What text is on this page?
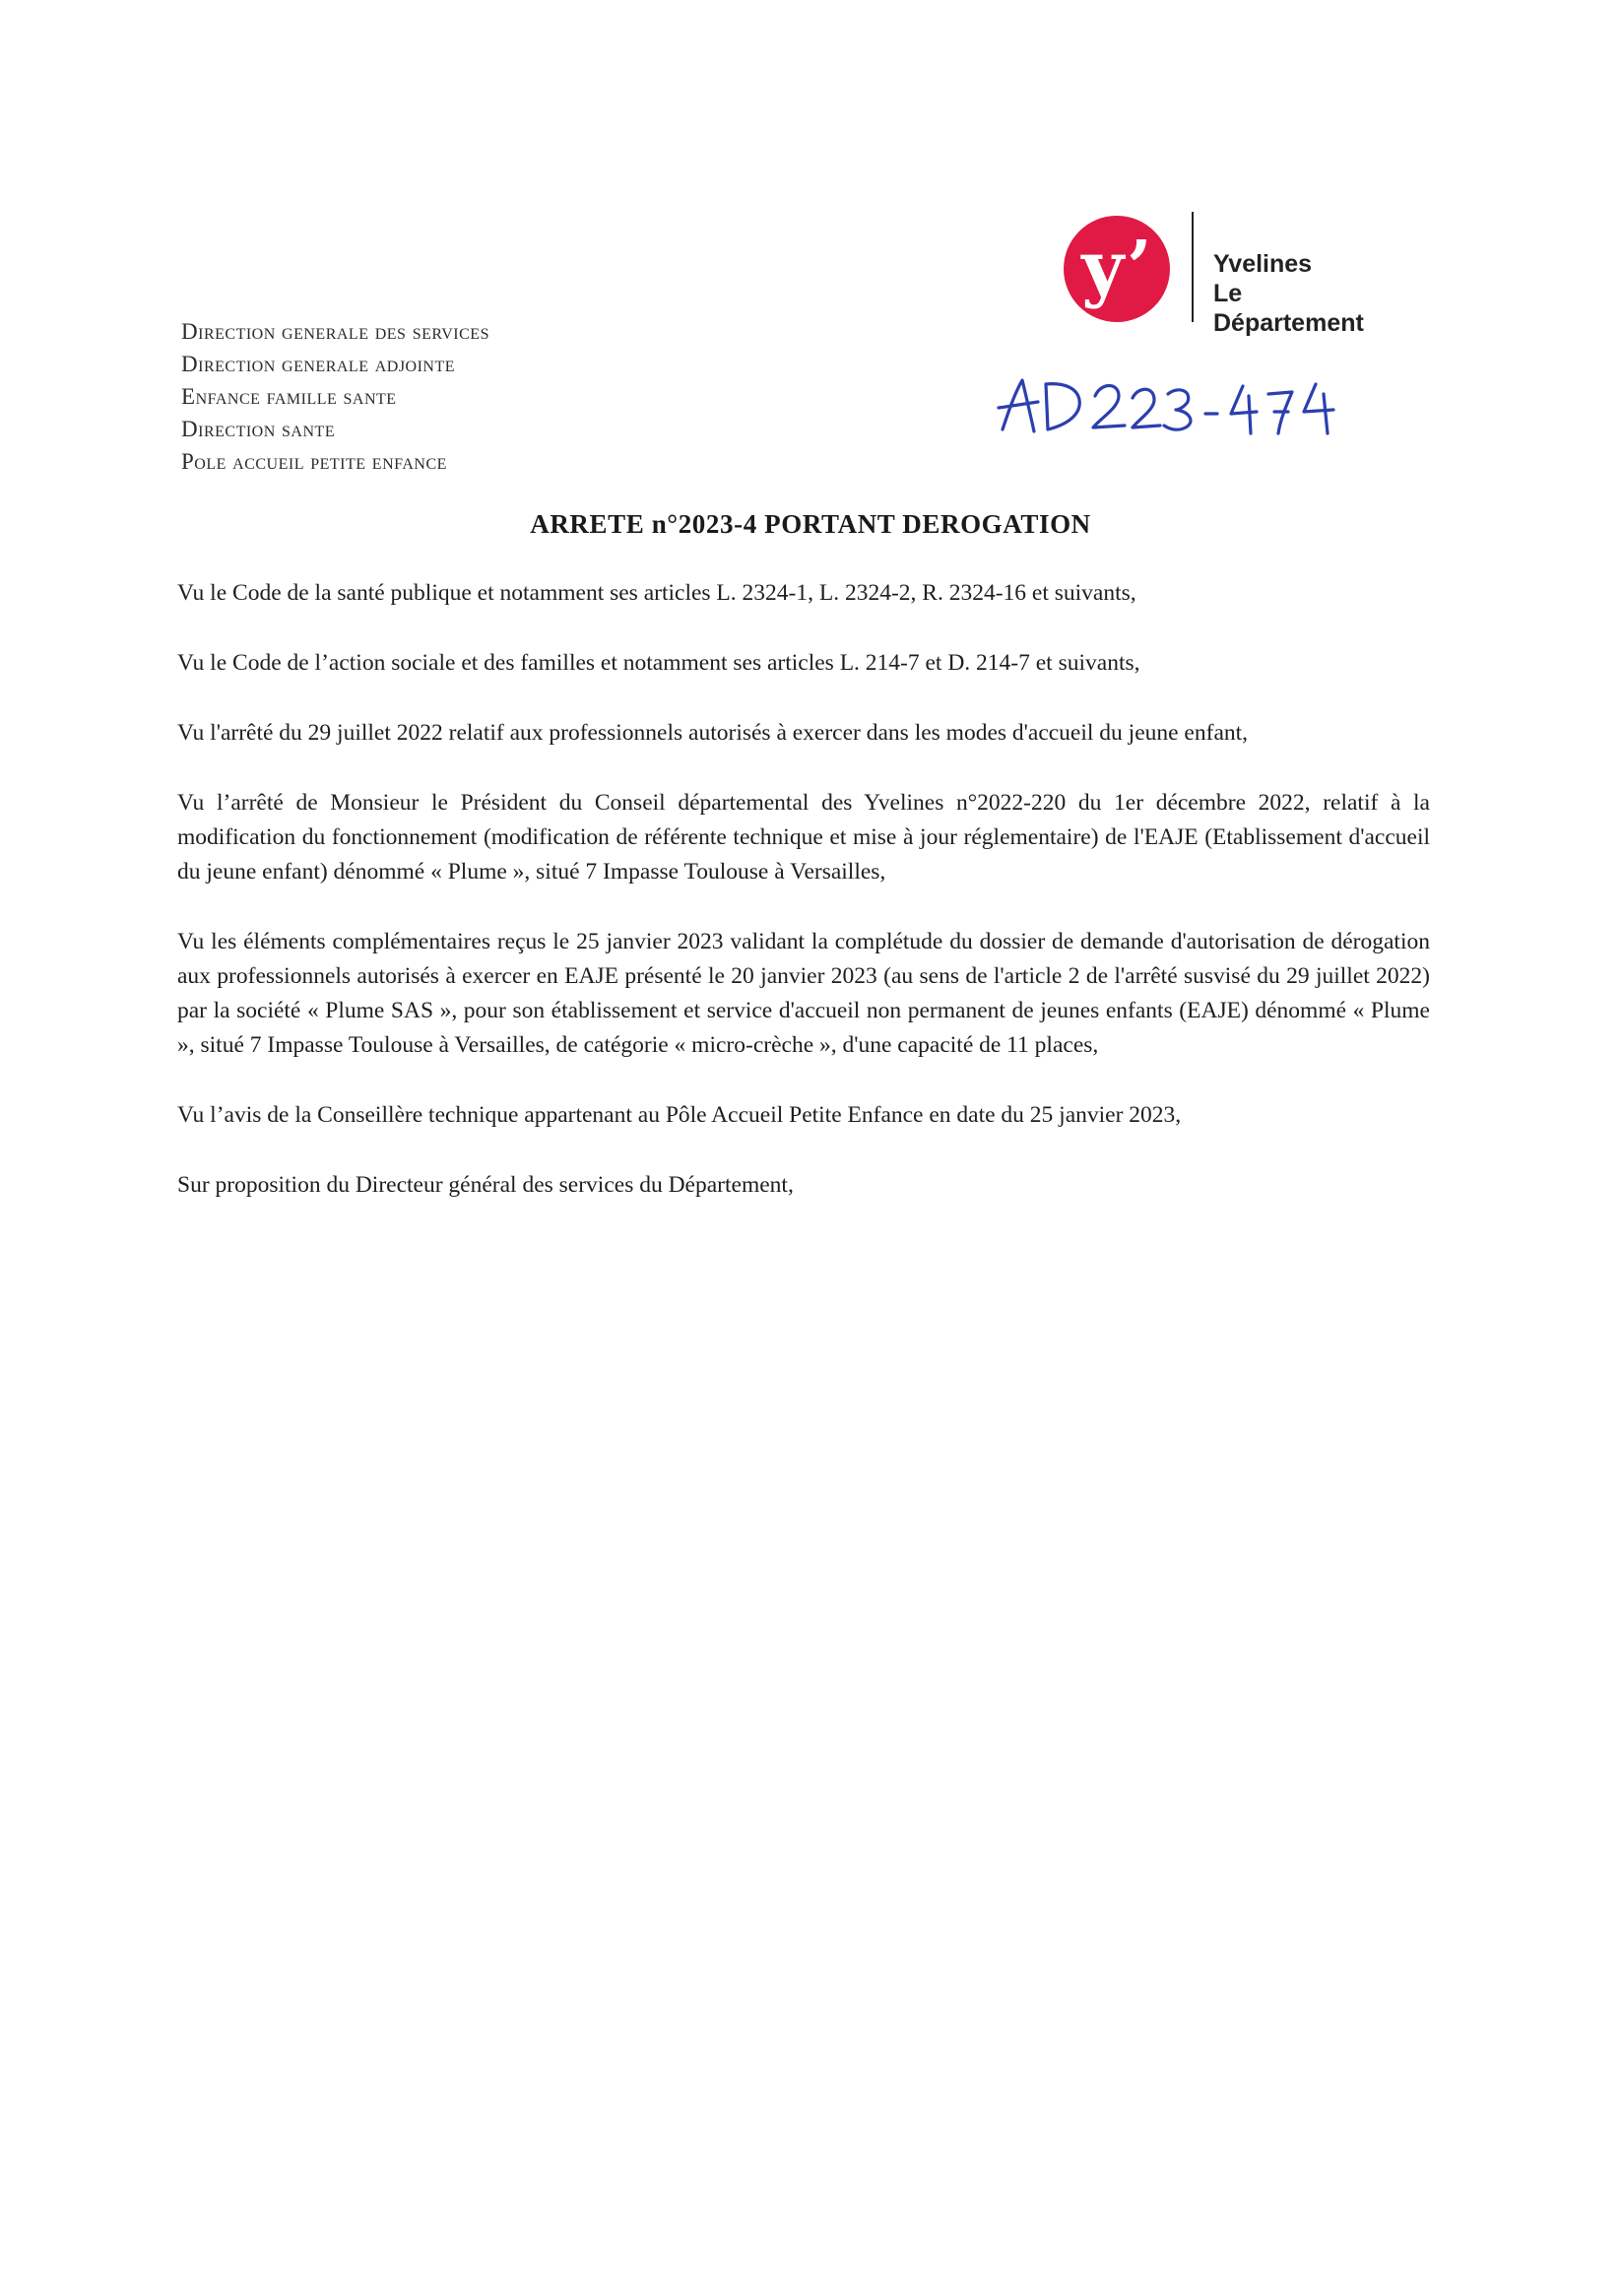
y’ Yvelines
Le Département
Direction generale des services
Direction generale adjointe
Enfance famille sante
Direction sante
Pole accueil petite enfance
ARRETE n°2023-4 PORTANT DEROGATION

Vu le Code de la santé publique et notamment ses articles L. 2324-1, L. 2324-2, R. 2324-16 et suivants,

Vu le Code de l’action sociale et des familles et notamment ses articles L. 214-7 et D. 214-7 et suivants,

Vu l'arrêté du 29 juillet 2022 relatif aux professionnels autorisés à exercer dans les modes d'accueil du jeune enfant,

Vu l’arrêté de Monsieur le Président du Conseil départemental des Yvelines n°2022-220 du 1er décembre 2022, relatif à la modification du fonctionnement (modification de référente technique et mise à jour réglementaire) de l'EAJE (Etablissement d'accueil du jeune enfant) dénommé « Plume », situé 7 Impasse Toulouse à Versailles,

Vu les éléments complémentaires reçus le 25 janvier 2023 validant la complétude du dossier de demande d'autorisation de dérogation aux professionnels autorisés à exercer en EAJE présenté le 20 janvier 2023 (au sens de l'article 2 de l'arrêté susvisé du 29 juillet 2022) par la société « Plume SAS », pour son établissement et service d'accueil non permanent de jeunes enfants (EAJE) dénommé « Plume », situé 7 Impasse Toulouse à Versailles, de catégorie « micro-crèche », d'une capacité de 11 places,

Vu l’avis de la Conseillère technique appartenant au Pôle Accueil Petite Enfance en date du 25 janvier 2023,

Sur proposition du Directeur général des services du Département,
